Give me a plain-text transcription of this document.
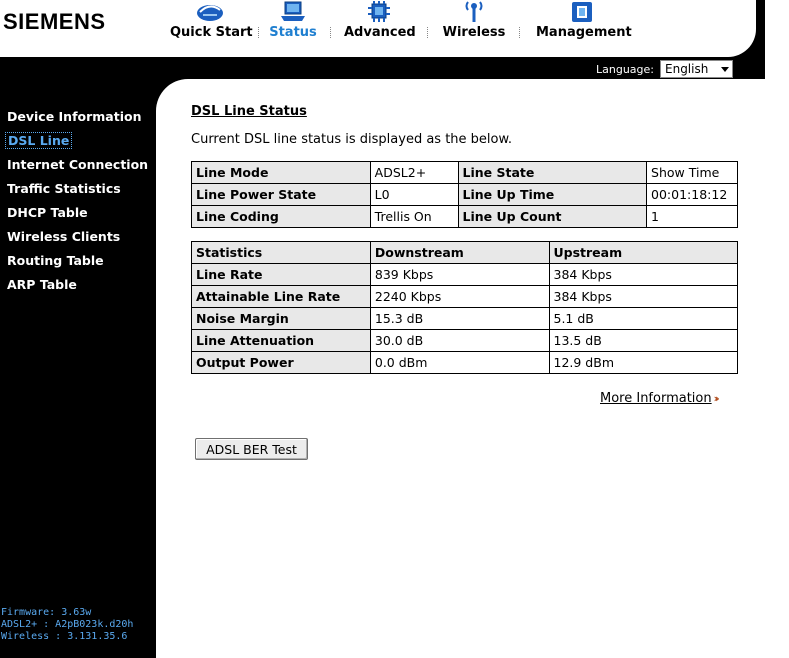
SIEMENS	Quick Start Status Advanced Wireless Management
Language: English
Device Information
DSL Line
Internet Connection
Traffic Statistics
DHCP Table
Wireless Clients
Routing Table
ARP Table
Firmware: 3.63w
ADSL2+ : A2pB023k.d20h
Wireless : 3.131.35.6
DSL Line Status
Current DSL line status is displayed as the below.
Line Mode	ADSL2+	Line State	Show Time
Line Power State	L0	Line Up Time	00:01:18:12
Line Coding	Trellis On	Line Up Count	1
Statistics	Downstream	Upstream
Line Rate	839 Kbps	384 Kbps
Attainable Line Rate	2240 Kbps	384 Kbps
Noise Margin	15.3 dB	5.1 dB
Line Attenuation	30.0 dB	13.5 dB
Output Power	0.0 dBm	12.9 dBm
More Information ››
ADSL BER Test
